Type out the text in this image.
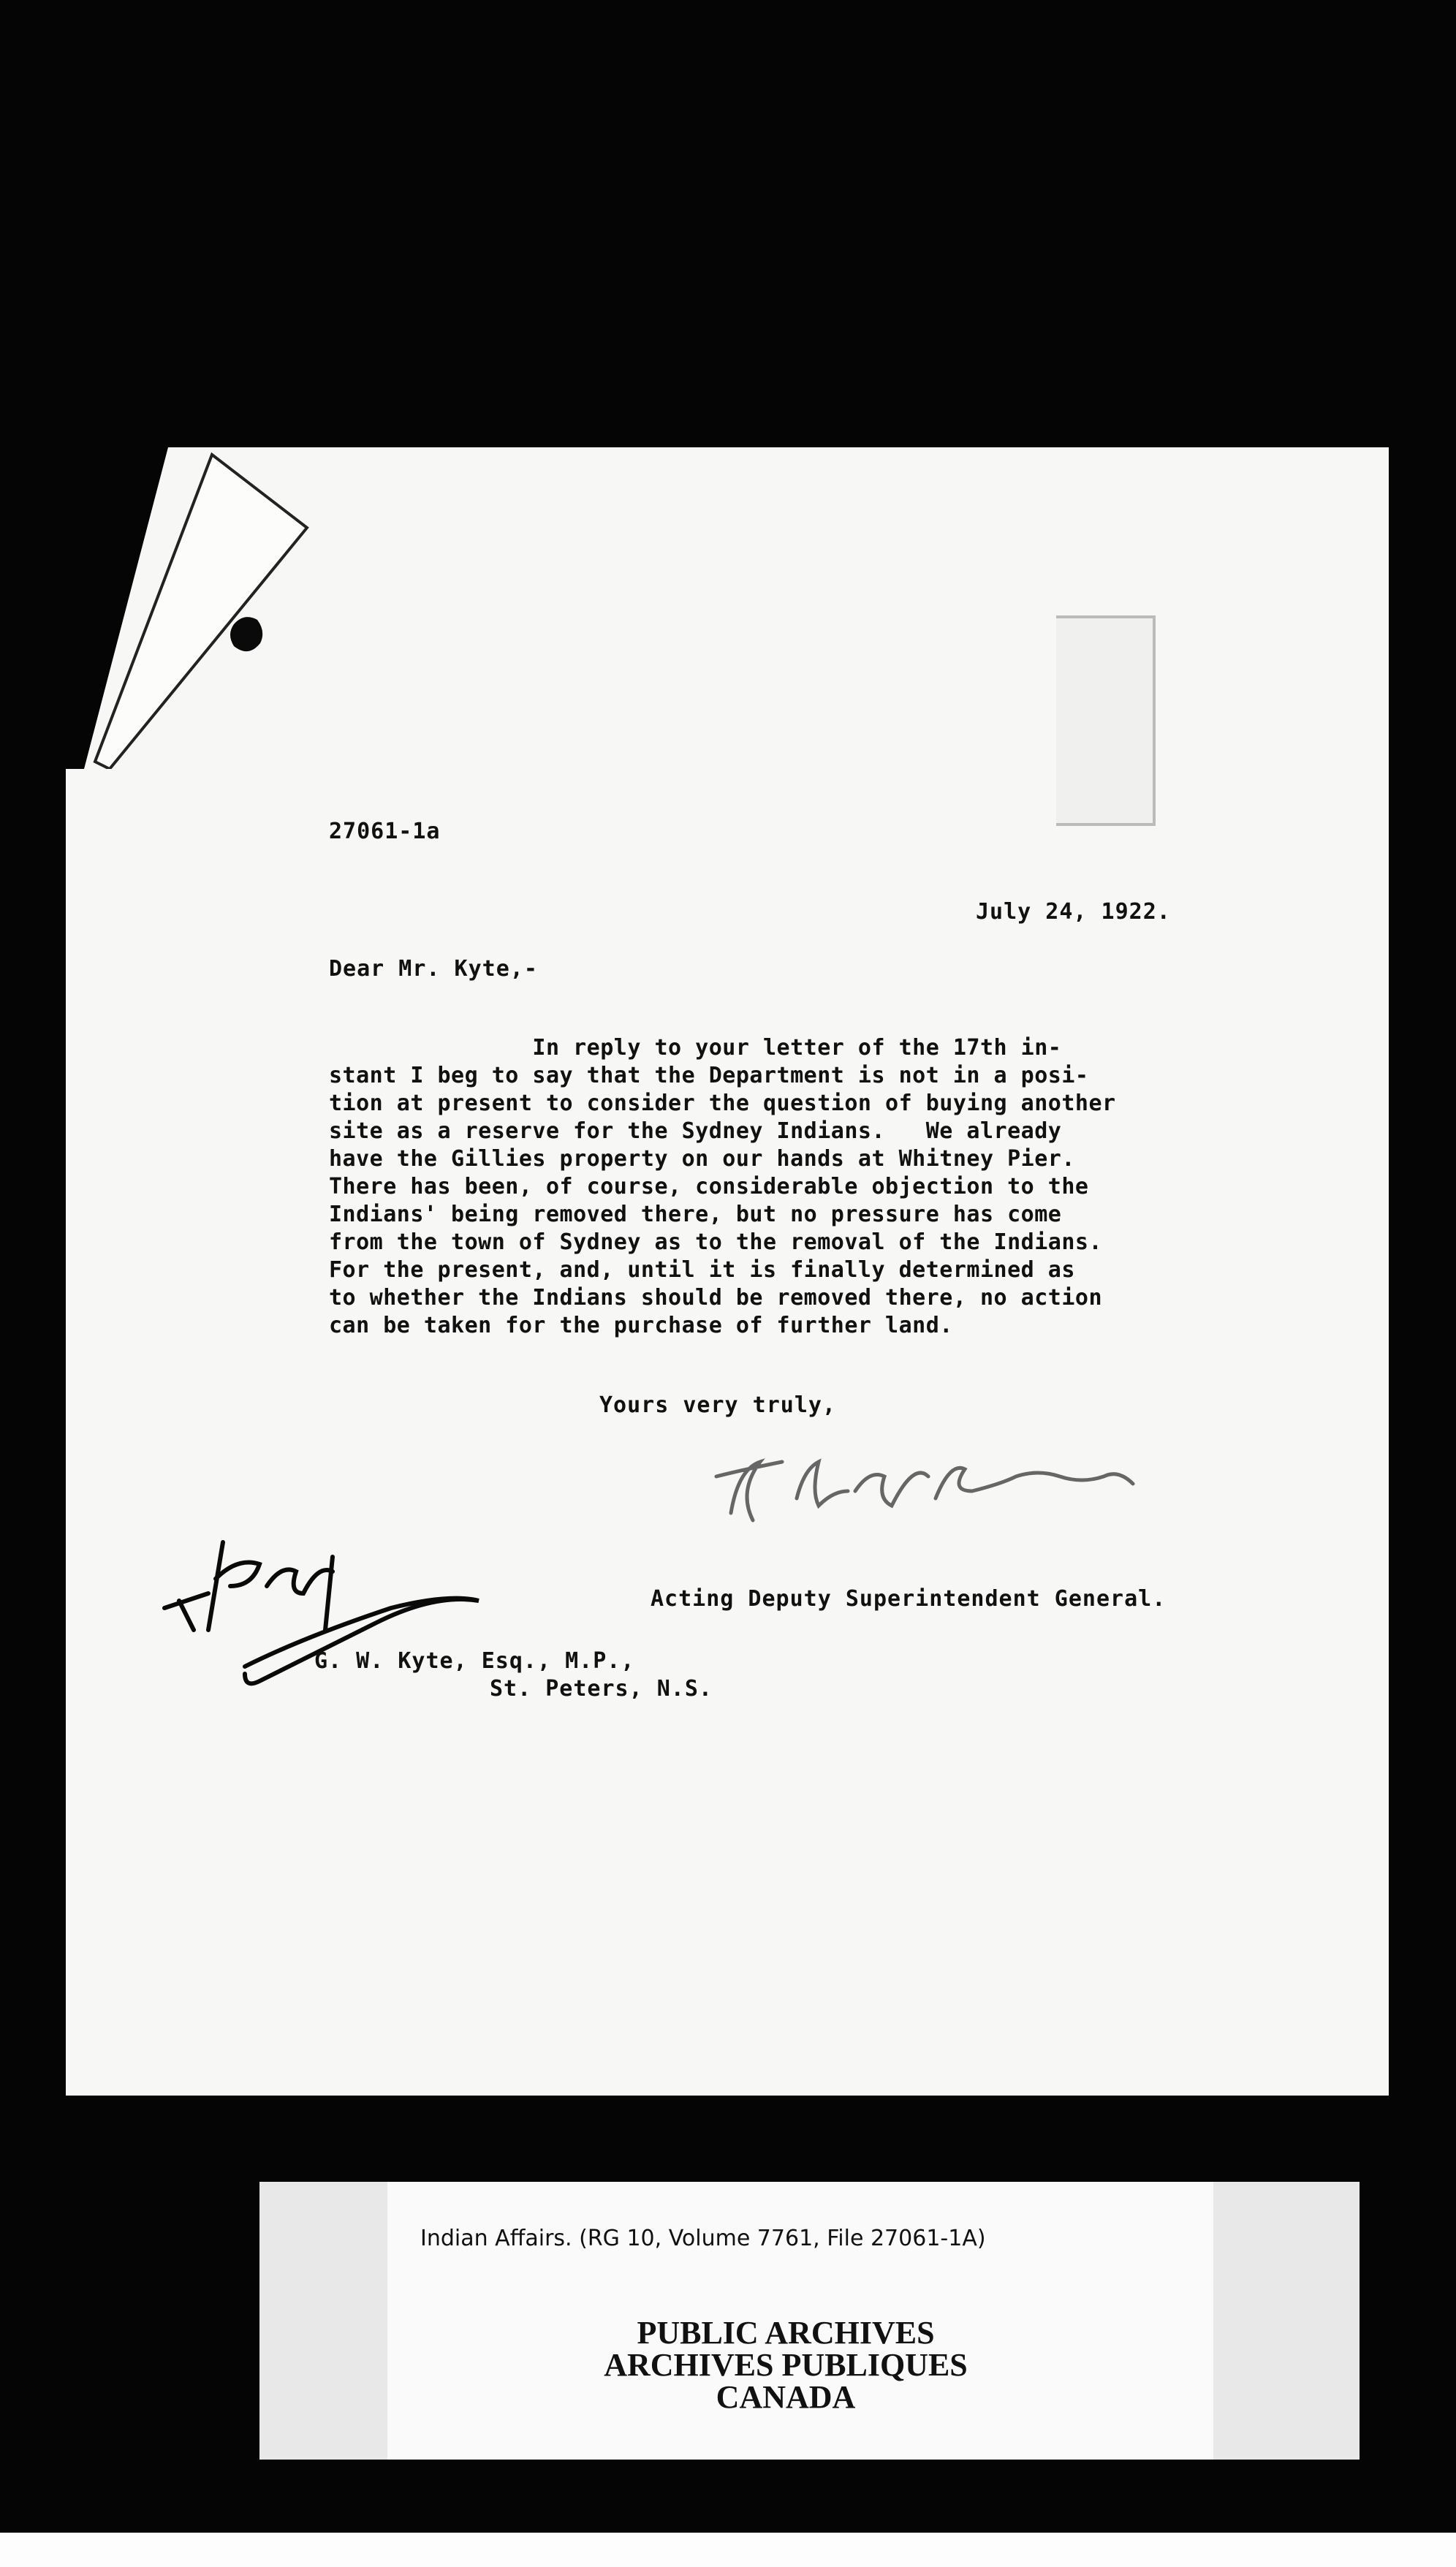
27061-1a
July 24, 1922.
Dear Mr. Kyte,-

In reply to your letter of the 17th in-

stant I beg to say that the Department is not in a posi-

tion at present to consider the question of buying another

site as a reserve for the Sydney Indians.   We already

have the Gillies property on our hands at Whitney Pier.

There has been, of course, considerable objection to the

Indians' being removed there, but no pressure has come

from the town of Sydney as to the removal of the Indians.

For the present, and, until it is finally determined as

to whether the Indians should be removed there, no action

can be taken for the purchase of further land.

Yours very truly,
Acting Deputy Superintendent General.
G. W. Kyte, Esq., M.P.,
St. Peters, N.S.
Indian Affairs. (RG 10, Volume 7761, File 27061-1A)
PUBLIC ARCHIVES
ARCHIVES PUBLIQUES
CANADA
